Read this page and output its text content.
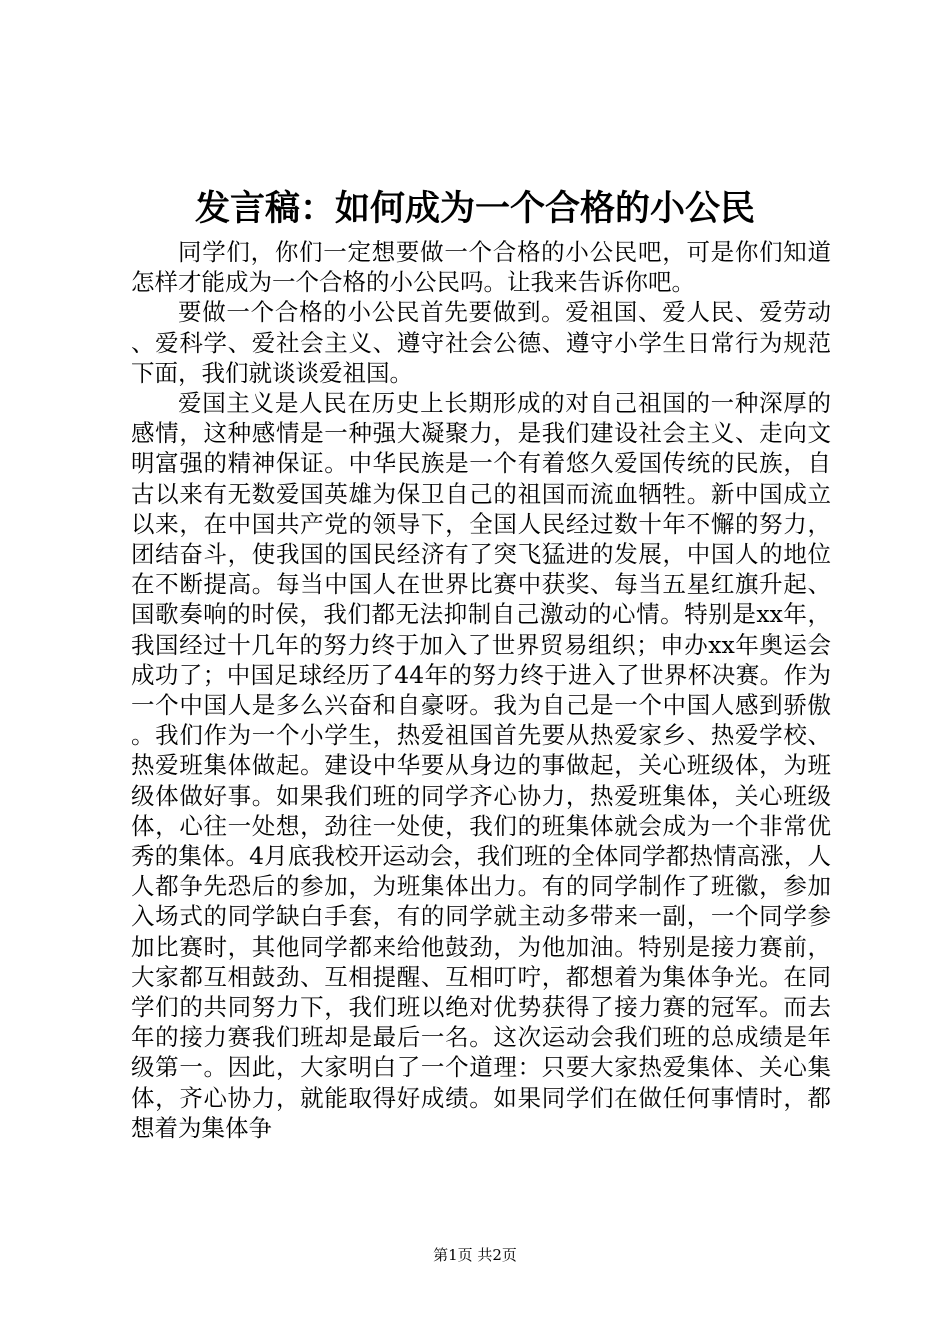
发言稿：如何成为一个合格的小公民

同学们，你们一定想要做一个合格的小公民吧，可是你们知道怎样才能成为一个合格的小公民吗。让我来告诉你吧。

要做一个合格的小公民首先要做到。爱祖国、爱人民、爱劳动、爱科学、爱社会主义、遵守社会公德、遵守小学生日常行为规范下面，我们就谈谈爱祖国。

爱国主义是人民在历史上长期形成的对自己祖国的一种深厚的感情，这种感情是一种强大凝聚力，是我们建设社会主义、走向文明富强的精神保证。中华民族是一个有着悠久爱国传统的民族，自古以来有无数爱国英雄为保卫自己的祖国而流血牺牲。新中国成立以来，在中国共产党的领导下，全国人民经过数十年不懈的努力，团结奋斗，使我国的国民经济有了突飞猛进的发展，中国人的地位在不断提高。每当中国人在世界比赛中获奖、每当五星红旗升起、国歌奏响的时侯，我们都无法抑制自己激动的心情。特别是xx年，我国经过十几年的努力终于加入了世界贸易组织；申办xx年奥运会成功了；中国足球经历了44年的努力终于进入了世界杯决赛。作为一个中国人是多么兴奋和自豪呀。我为自己是一个中国人感到骄傲。我们作为一个小学生，热爱祖国首先要从热爱家乡、热爱学校、热爱班集体做起。建设中华要从身边的事做起，关心班级体，为班级体做好事。如果我们班的同学齐心协力，热爱班集体，关心班级体，心往一处想，劲往一处使，我们的班集体就会成为一个非常优秀的集体。4月底我校开运动会，我们班的全体同学都热情高涨，人人都争先恐后的参加，为班集体出力。有的同学制作了班徽，参加入场式的同学缺白手套，有的同学就主动多带来一副，一个同学参加比赛时，其他同学都来给他鼓劲，为他加油。特别是接力赛前，大家都互相鼓劲、互相提醒、互相叮咛，都想着为集体争光。在同学们的共同努力下，我们班以绝对优势获得了接力赛的冠军。而去年的接力赛我们班却是最后一名。这次运动会我们班的总成绩是年级第一。因此，大家明白了一个道理：只要大家热爱集体、关心集体，齐心协力，就能取得好成绩。如果同学们在做任何事情时，都想着为集体争

第1页 共2页
